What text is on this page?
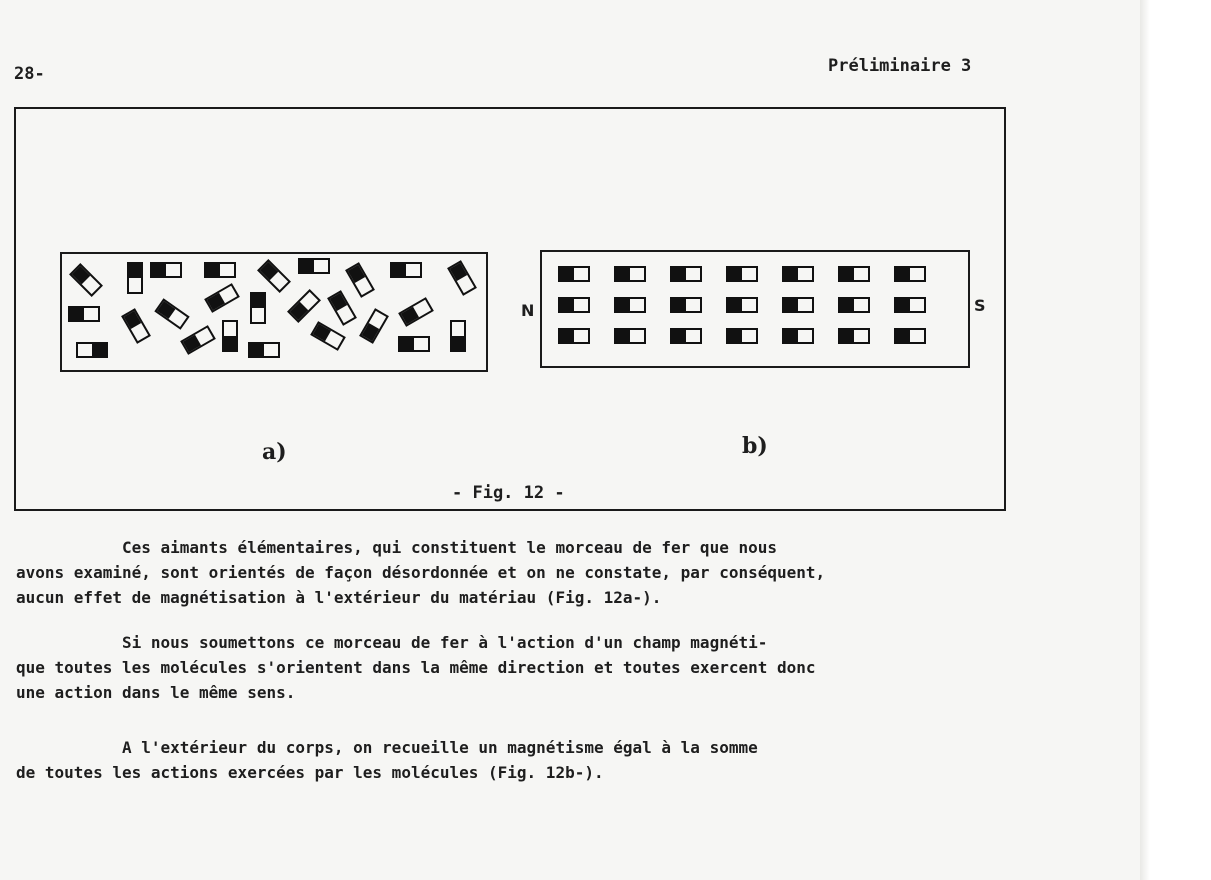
28-	Préliminaire 3
N	S
a)	b)
- Fig. 12 -

Ces aimants élémentaires, qui constituent le morceau de fer que nous
avons examiné, sont orientés de façon désordonnée et on ne constate, par conséquent,
aucun effet de magnétisation à l'extérieur du matériau (Fig. 12a-).

Si nous soumettons ce morceau de fer à l'action d'un champ magnéti-
que toutes les molécules s'orientent dans la même direction et toutes exercent donc
une action dans le même sens.

A l'extérieur du corps, on recueille un magnétisme égal à la somme
de toutes les actions exercées par les molécules (Fig. 12b-).
